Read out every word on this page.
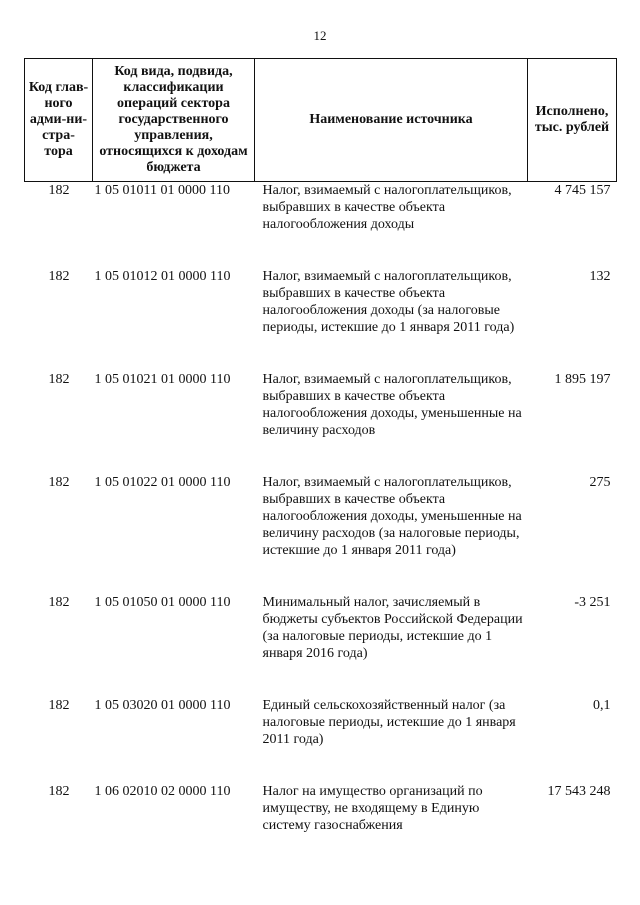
12
Код глав-ного адми-ни-стра-тора	Код вида, подвида, классификации операций сектора государственного управления, относящихся к доходам бюджета	Наименование источника	Исполнено, тыс. рублей
182	1 05 01011 01 0000 110	Налог, взимаемый с налогоплательщиков, выбравших в качестве объекта налогообложения доходы	4 745 157
182	1 05 01012 01 0000 110	Налог, взимаемый с налогоплательщиков, выбравших в качестве объекта налогообложения доходы (за налоговые периоды, истекшие до 1 января 2011 года)	132
182	1 05 01021 01 0000 110	Налог, взимаемый с налогоплательщиков, выбравших в качестве объекта налогообложения доходы, уменьшенные на величину расходов	1 895 197
182	1 05 01022 01 0000 110	Налог, взимаемый с налогоплательщиков, выбравших в качестве объекта налогообложения доходы, уменьшенные на величину расходов (за налоговые периоды, истекшие до 1 января 2011 года)	275
182	1 05 01050 01 0000 110	Минимальный налог, зачисляемый в бюджеты субъектов Российской Федерации (за налоговые периоды, истекшие до 1 января 2016 года)	-3 251
182	1 05 03020 01 0000 110	Единый сельскохозяйственный налог (за налоговые периоды, истекшие до 1 января 2011 года)	0,1
182	1 06 02010 02 0000 110	Налог на имущество организаций по имуществу, не входящему в Единую систему газоснабжения	17 543 248
